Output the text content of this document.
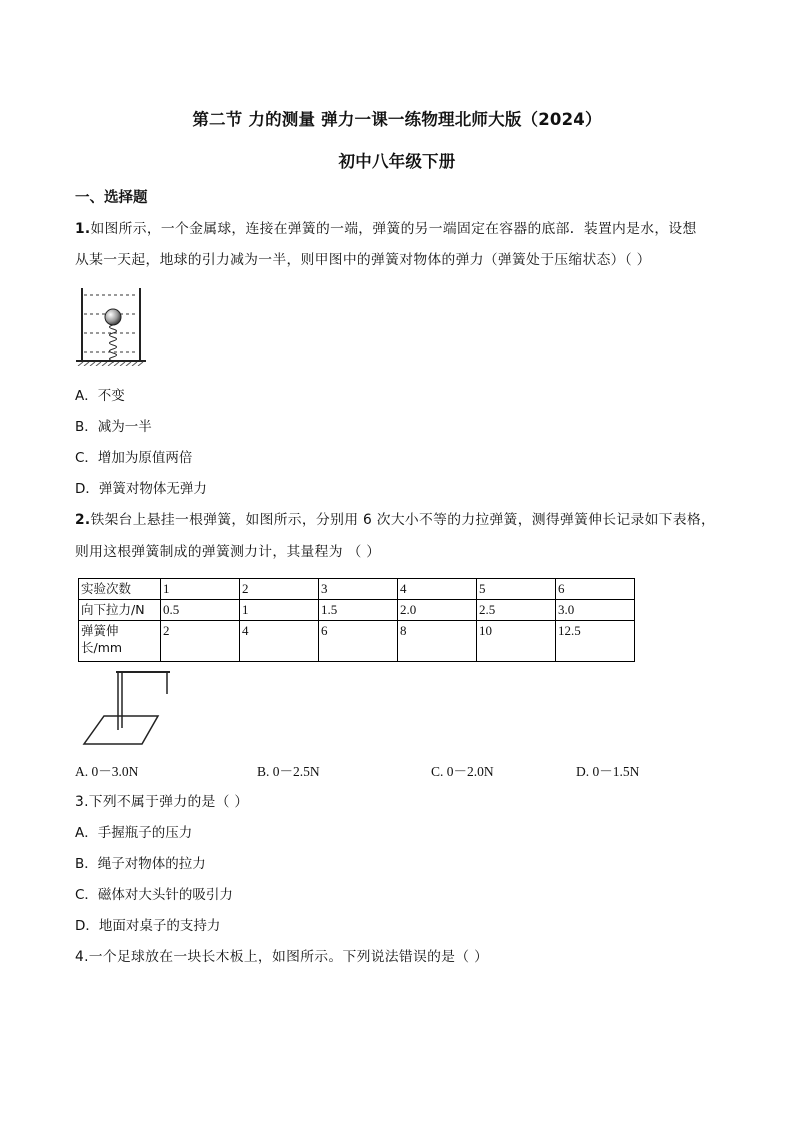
第二节 力的测量 弹力一课一练物理北师大版（2024）
初中八年级下册
一、选择题
1.如图所示，一个金属球，连接在弹簧的一端，弹簧的另一端固定在容器的底部．装置内是水，设想
从某一天起，地球的引力减为一半，则甲图中的弹簧对物体的弹力（弹簧处于压缩状态）（ ）
A．不变
B．减为一半
C．增加为原值两倍
D．弹簧对物体无弹力
2.铁架台上悬挂一根弹簧，如图所示，分别用 6 次大小不等的力拉弹簧，测得弹簧伸长记录如下表格，
则用这根弹簧制成的弹簧测力计，其量程为 （ ）
实验次数	1	2	3	4	5	6
向下拉力/N	0.5	1	1.5	2.0	2.5	3.0
弹簧伸长/mm	2	4	6	8	10	12.5
A. 0－3.0N	B. 0－2.5N	C. 0－2.0N	D. 0－1.5N
3.下列不属于弹力的是（ ）
A．手握瓶子的压力
B．绳子对物体的拉力
C．磁体对大头针的吸引力
D．地面对桌子的支持力
4.一个足球放在一块长木板上，如图所示。下列说法错误的是（ ）
